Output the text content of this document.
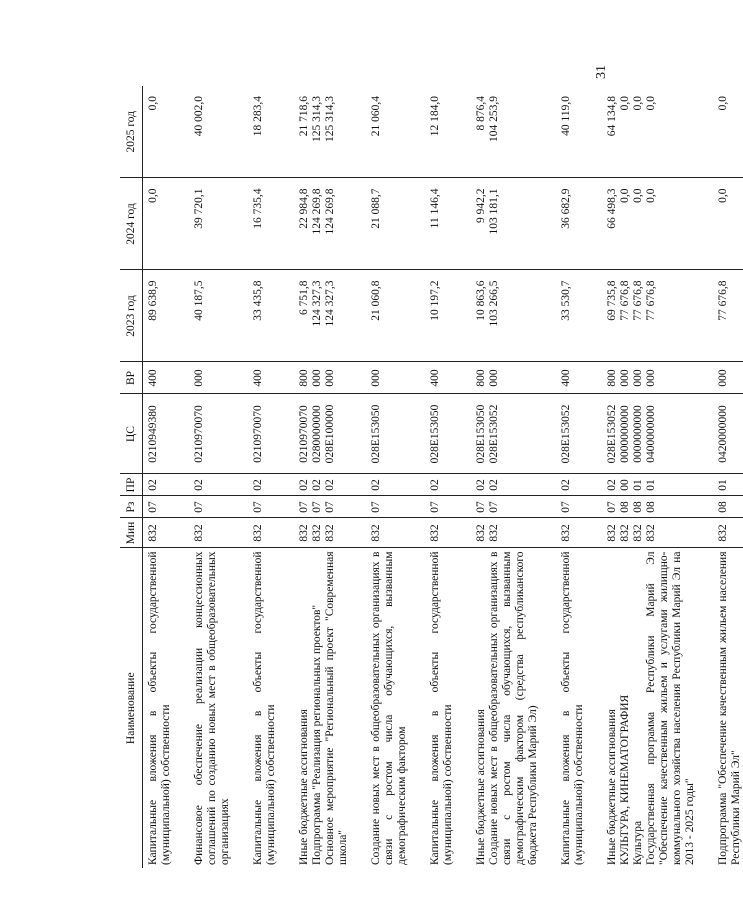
31
Наименование	Мин	Рз	ПР	ЦС	ВР	2023 год	2024 год	2025 год
Капитальные вложения в объекты государственной (муниципальной) собственности	832	07	02	0210949380	400	89 638,9	0,0	0,0
Финансовое обеспечение реализации концессионных соглашений по созданию новых мест в общеобразовательных организациях	832	07	02	0210970070	000	40 187,5	39 720,1	40 002,0
Капитальные вложения в объекты государственной (муниципальной) собственности	832	07	02	0210970070	400	33 435,8	16 735,4	18 283,4
Иные бюджетные ассигнования	832	07	02	0210970070	800	6 751,8	22 984,8	21 718,6
Подпрограмма "Реализация региональных проектов"	832	07	02	0280000000	000	124 327,3	124 269,8	125 314,3
Основное мероприятие "Региональный проект "Современная школа"	832	07	02	028E100000	000	124 327,3	124 269,8	125 314,3
Создание новых мест в общеобразовательных организациях в связи с ростом числа обучающихся, вызванным демографическим фактором	832	07	02	028E153050	000	21 060,8	21 088,7	21 060,4
Капитальные вложения в объекты государственной (муниципальной) собственности	832	07	02	028E153050	400	10 197,2	11 146,4	12 184,0
Иные бюджетные ассигнования	832	07	02	028E153050	800	10 863,6	9 942,2	8 876,4
Создание новых мест в общеобразовательных организациях в связи с ростом числа обучающихся, вызванным демографическим фактором (средства республиканского бюджета Республики Марий Эл)	832	07	02	028E153052	000	103 266,5	103 181,1	104 253,9
Капитальные вложения в объекты государственной (муниципальной) собственности	832	07	02	028E153052	400	33 530,7	36 682,9	40 119,0
Иные бюджетные ассигнования	832	07	02	028E153052	800	69 735,8	66 498,3	64 134,8
КУЛЬТУРА, КИНЕМАТОГРАФИЯ	832	08	00	0000000000	000	77 676,8	0,0	0,0
Культура	832	08	01	0000000000	000	77 676,8	0,0	0,0
Государственная программа Республики Марий Эл "Обеспечение качественным жильем и услугами жилищно-коммунального хозяйства населения Республики Марий Эл на 2013 - 2025 годы"	832	08	01	0400000000	000	77 676,8	0,0	0,0
Подпрограмма "Обеспечение качественным жильем населения Республики Марий Эл"	832	08	01	0420000000	000	77 676,8	0,0	0,0
